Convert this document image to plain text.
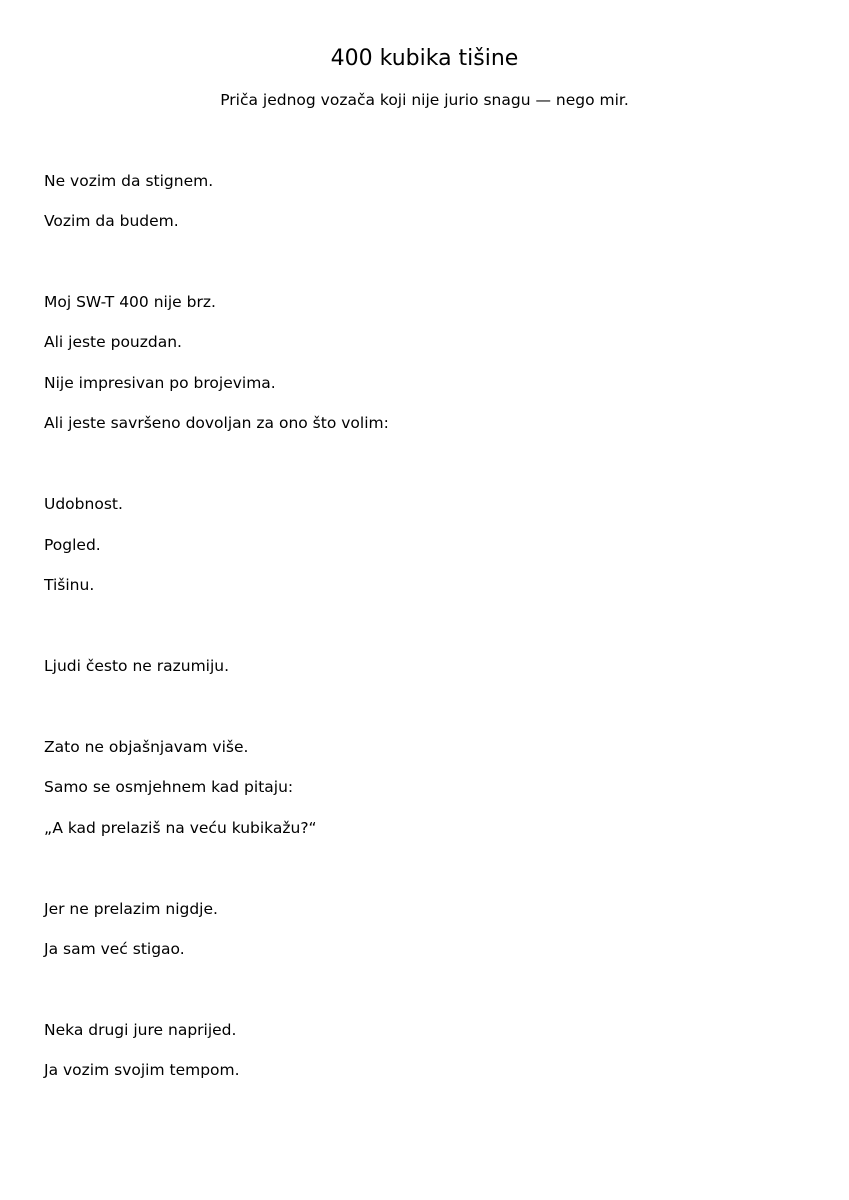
400 kubika tišine

Priča jednog vozača koji nije jurio snagu — nego mir.

Ne vozim da stignem.
Vozim da budem.
Moj SW-T 400 nije brz.
Ali jeste pouzdan.
Nije impresivan po brojevima.
Ali jeste savršeno dovoljan za ono što volim:
Udobnost.
Pogled.
Tišinu.
Ljudi često ne razumiju.
Zato ne objašnjavam više.
Samo se osmjehnem kad pitaju:
„A kad prelaziš na veću kubikažu?“
Jer ne prelazim nigdje.
Ja sam već stigao.
Neka drugi jure naprijed.
Ja vozim svojim tempom.
